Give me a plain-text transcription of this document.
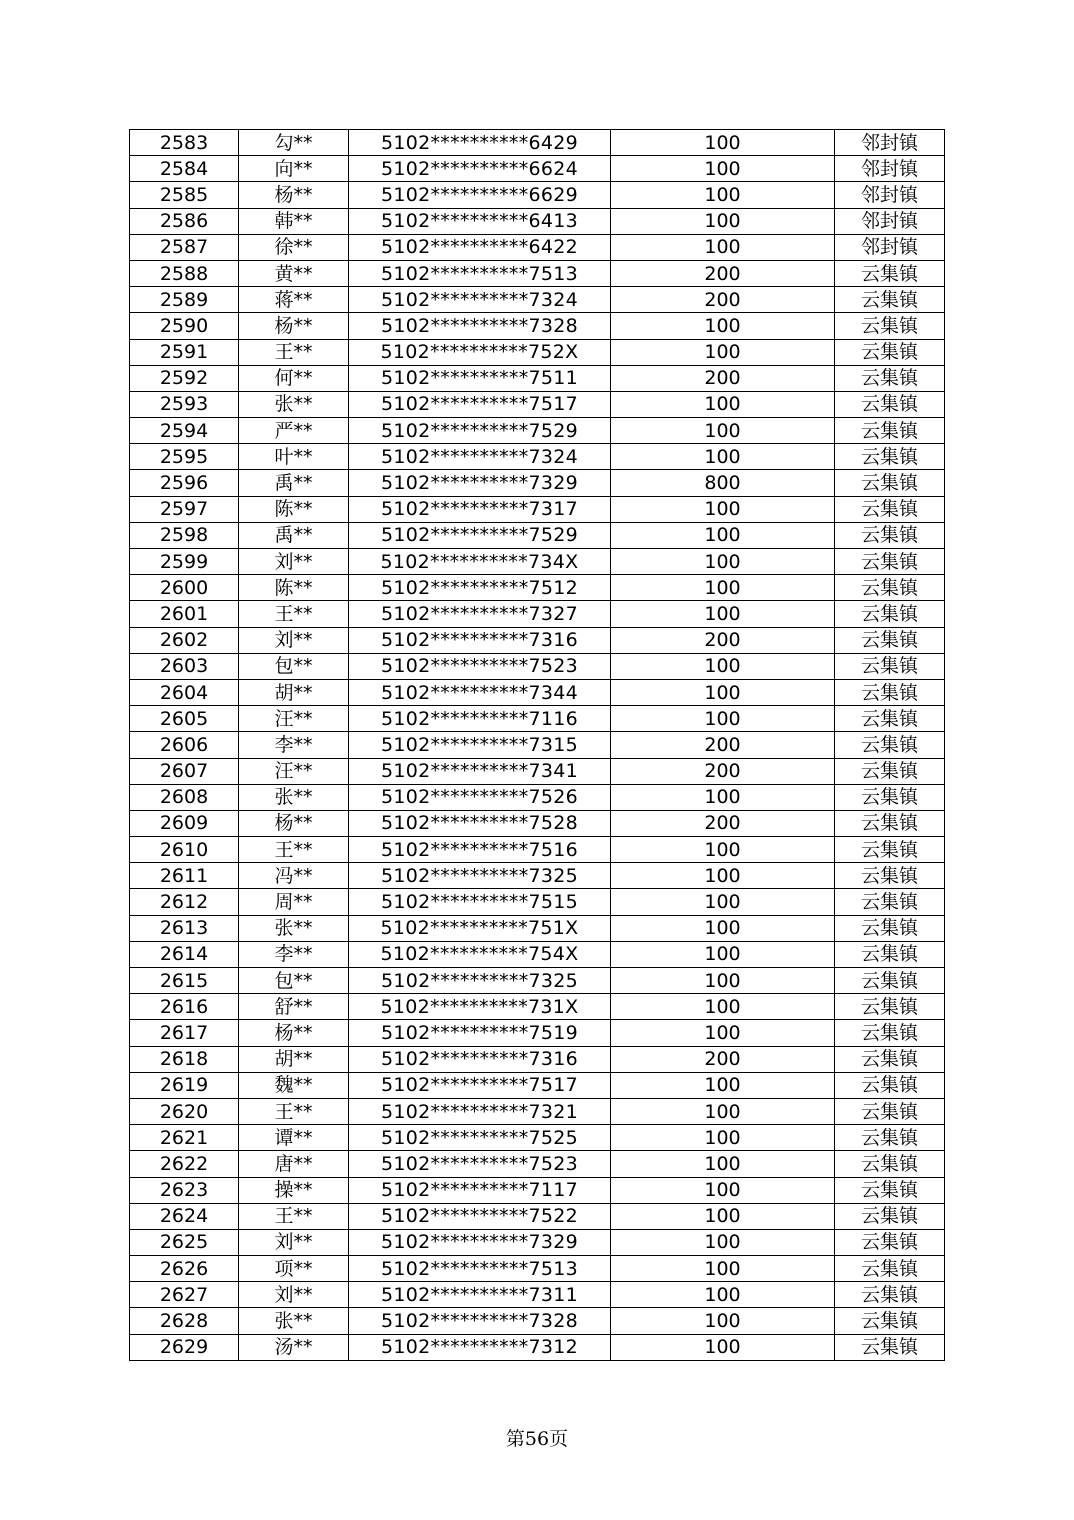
2583	勾**	5102**********6429	100	邻封镇
2584	向**	5102**********6624	100	邻封镇
2585	杨**	5102**********6629	100	邻封镇
2586	韩**	5102**********6413	100	邻封镇
2587	徐**	5102**********6422	100	邻封镇
2588	黄**	5102**********7513	200	云集镇
2589	蒋**	5102**********7324	200	云集镇
2590	杨**	5102**********7328	100	云集镇
2591	王**	5102**********752X	100	云集镇
2592	何**	5102**********7511	200	云集镇
2593	张**	5102**********7517	100	云集镇
2594	严**	5102**********7529	100	云集镇
2595	叶**	5102**********7324	100	云集镇
2596	禹**	5102**********7329	800	云集镇
2597	陈**	5102**********7317	100	云集镇
2598	禹**	5102**********7529	100	云集镇
2599	刘**	5102**********734X	100	云集镇
2600	陈**	5102**********7512	100	云集镇
2601	王**	5102**********7327	100	云集镇
2602	刘**	5102**********7316	200	云集镇
2603	包**	5102**********7523	100	云集镇
2604	胡**	5102**********7344	100	云集镇
2605	汪**	5102**********7116	100	云集镇
2606	李**	5102**********7315	200	云集镇
2607	汪**	5102**********7341	200	云集镇
2608	张**	5102**********7526	100	云集镇
2609	杨**	5102**********7528	200	云集镇
2610	王**	5102**********7516	100	云集镇
2611	冯**	5102**********7325	100	云集镇
2612	周**	5102**********7515	100	云集镇
2613	张**	5102**********751X	100	云集镇
2614	李**	5102**********754X	100	云集镇
2615	包**	5102**********7325	100	云集镇
2616	舒**	5102**********731X	100	云集镇
2617	杨**	5102**********7519	100	云集镇
2618	胡**	5102**********7316	200	云集镇
2619	魏**	5102**********7517	100	云集镇
2620	王**	5102**********7321	100	云集镇
2621	谭**	5102**********7525	100	云集镇
2622	唐**	5102**********7523	100	云集镇
2623	操**	5102**********7117	100	云集镇
2624	王**	5102**********7522	100	云集镇
2625	刘**	5102**********7329	100	云集镇
2626	项**	5102**********7513	100	云集镇
2627	刘**	5102**********7311	100	云集镇
2628	张**	5102**********7328	100	云集镇
2629	汤**	5102**********7312	100	云集镇
第56页
